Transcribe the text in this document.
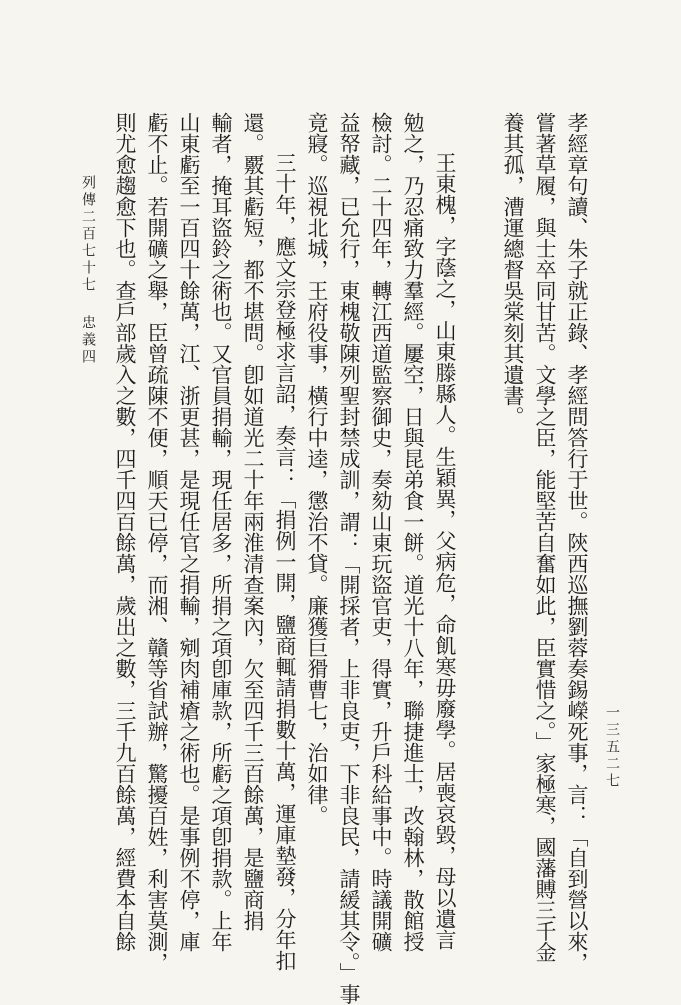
孝經章句讀、朱子就正錄、孝經問答行于世。陝西巡撫劉蓉奏錫嶸死事，言：「自到營以來，
嘗著草履，與士卒同甘苦。文學之臣，能堅苦自奮如此，臣實惜之。」家極寒，國藩賻三千金
養其孤，漕運總督吳棠刻其遺書。
王東槐，字蔭之，山東滕縣人。生穎異，父病危，命飢寒毋廢學。居喪哀毀，母以遺言
勉之，乃忍痛致力羣經。屢空，日與昆弟食一餅。道光十八年，聯捷進士，改翰林，散館授
檢討。二十四年，轉江西道監察御史，奏劾山東玩盜官吏，得實，升戶科給事中。時議開礦
益帑藏，已允行，東槐敬陳列聖封禁成訓，謂：「開採者，上非良吏，下非良民，請緩其令。」事
竟寢。巡視北城，王府役事，橫行中逵，懲治不貸。廉獲巨猾曹七，治如律。
三十年，應文宗登極求言詔，奏言：「捐例一開，鹽商輒請捐數十萬，運庫墊發，分年扣
還。覈其虧短，都不堪問。卽如道光二十年兩淮清查案內，欠至四千三百餘萬，是鹽商捐
輸者，掩耳盜鈴之術也。又官員捐輸，現任居多，所捐之項卽庫款，所虧之項卽捐款。上年
山東虧至一百四十餘萬，江、浙更甚，是現任官之捐輸，剜肉補瘡之術也。是事例不停，庫
虧不止。若開礦之舉，臣曾疏陳不便，順天已停，而湘、贛等省試辦，驚擾百姓，利害莫測，
則尤愈趨愈下也。查戶部歲入之數，四千四百餘萬，歲出之數，三千九百餘萬，經費本自餘
列傳二百七十七
忠義四
一三五二七
